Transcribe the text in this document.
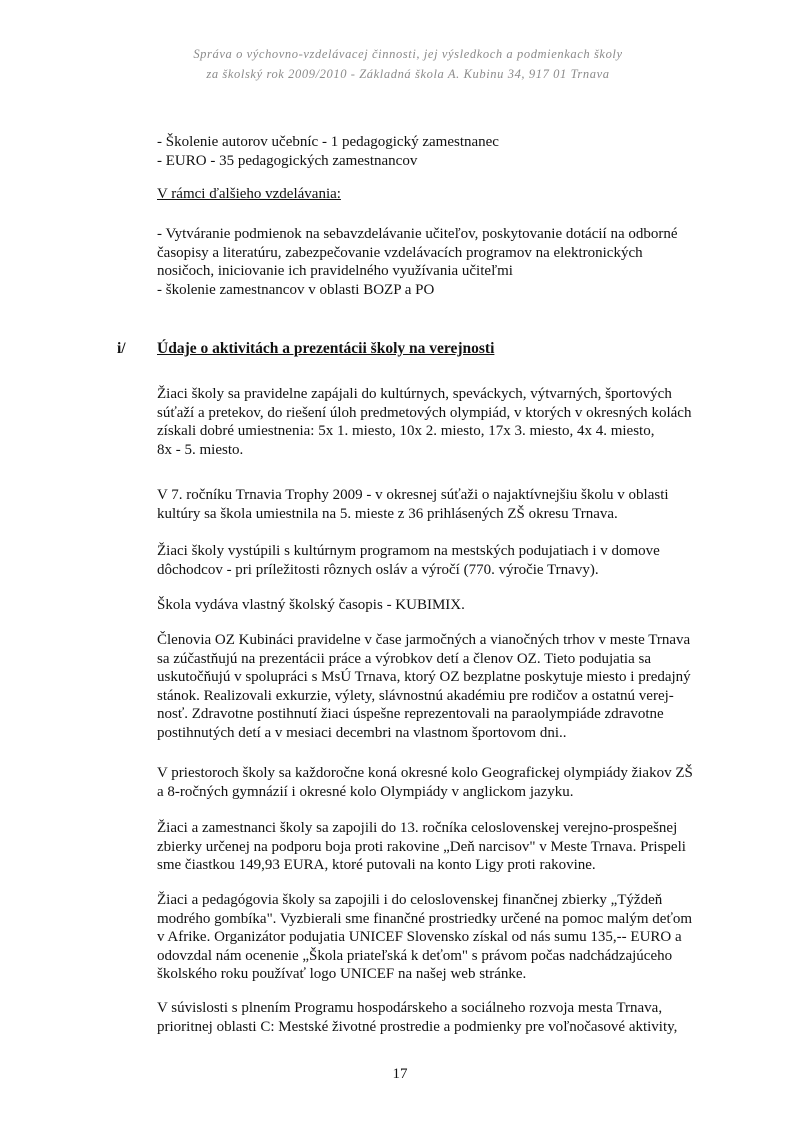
Správa o výchovno-vzdelávacej činnosti, jej výsledkoch a podmienkach školy
za školský rok 2009/2010 - Základná škola A. Kubinu 34, 917 01 Trnava
- Školenie autorov učebníc - 1 pedagogický zamestnanec
- EURO - 35 pedagogických zamestnancov
V rámci ďalšieho vzdelávania:
- Vytváranie podmienok na sebavzdelávanie učiteľov, poskytovanie dotácií na odborné
časopisy a literatúru, zabezpečovanie vzdelávacích programov na elektronických
nosičoch, iniciovanie ich pravidelného využívania učiteľmi
- školenie zamestnancov v oblasti BOZP a PO
i/ Údaje o aktivitách a prezentácii školy na verejnosti
Žiaci školy sa pravidelne zapájali do kultúrnych, speváckych, výtvarných, športových
súťaží a pretekov, do riešení úloh predmetových olympiád, v ktorých v okresných kolách
získali dobré umiestnenia: 5x 1. miesto, 10x 2. miesto, 17x 3. miesto, 4x 4. miesto,
8x - 5. miesto.
V 7. ročníku Trnavia Trophy 2009 - v okresnej súťaži o najaktívnejšiu školu v oblasti
kultúry sa škola umiestnila na 5. mieste z 36 prihlásených ZŠ okresu Trnava.
Žiaci školy vystúpili s kultúrnym programom na mestských podujatiach i v domove
dôchodcov - pri príležitosti rôznych osláv a výročí (770. výročie Trnavy).
Škola vydáva vlastný školský časopis - KUBIMIX.
Členovia OZ Kubináci pravidelne v čase jarmočných a vianočných trhov v meste Trnava
sa zúčastňujú na prezentácii práce a výrobkov detí a členov OZ. Tieto podujatia sa
uskutočňujú v spolupráci s MsÚ Trnava, ktorý OZ bezplatne poskytuje miesto i predajný
stánok. Realizovali exkurzie, výlety, slávnostnú akadémiu pre rodičov a ostatnú verej-
nosť. Zdravotne postihnutí žiaci úspešne reprezentovali na paraolympiáde zdravotne
postihnutých detí a v mesiaci decembri na vlastnom športovom dni..
V priestoroch školy sa každoročne koná okresné kolo Geografickej olympiády žiakov ZŠ
a 8-ročných gymnázií i okresné kolo Olympiády v anglickom jazyku.
Žiaci a zamestnanci školy sa zapojili do 13. ročníka celoslovenskej verejno-prospešnej
zbierky určenej na podporu boja proti rakovine „Deň narcisov" v Meste Trnava. Prispeli
sme čiastkou 149,93 EURA, ktoré putovali na konto Ligy proti rakovine.
Žiaci a pedagógovia školy sa zapojili i do celoslovenskej finančnej zbierky „Týždeň
modrého gombíka". Vyzbierali sme finančné prostriedky určené na pomoc malým deťom
v Afrike. Organizátor podujatia UNICEF Slovensko získal od nás sumu 135,-- EURO a
odovzdal nám ocenenie „Škola priateľská k deťom" s právom počas nadchádzajúceho
školského roku používať logo UNICEF na našej web stránke.
V súvislosti s plnením Programu hospodárskeho a sociálneho rozvoja mesta Trnava,
prioritnej oblasti C: Mestské životné prostredie a podmienky pre voľnočasové aktivity,
17
